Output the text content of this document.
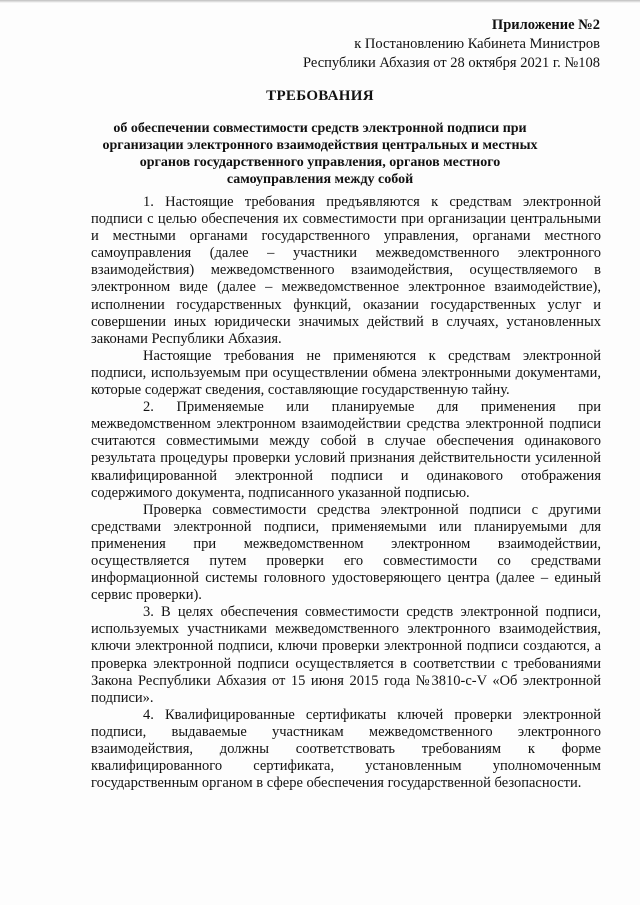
Приложение №2
к Постановлению Кабинета Министров
Республики Абхазия от 28 октября 2021 г. №108
ТРЕБОВАНИЯ
об обеспечении совместимости средств электронной подписи при организации электронного взаимодействия центральных и местных органов государственного управления, органов местного самоуправления между собой

1. Настоящие требования предъявляются к средствам электронной подписи с целью обеспечения их совместимости при организации центральными и местными органами государственного управления, органами местного самоуправления (далее – участники межведомственного электронного взаимодействия) межведомственного взаимодействия, осуществляемого в электронном виде (далее – межведомственное электронное взаимодействие), исполнении государственных функций, оказании государственных услуг и совершении иных юридически значимых действий в случаях, установленных законами Республики Абхазия.

Настоящие требования не применяются к средствам электронной подписи, используемым при осуществлении обмена электронными документами, которые содержат сведения, составляющие государственную тайну.

2. Применяемые или планируемые для применения при межведомственном электронном взаимодействии средства электронной подписи считаются совместимыми между собой в случае обеспечения одинакового результата процедуры проверки условий признания действительности усиленной квалифицированной электронной подписи и одинакового отображения содержимого документа, подписанного указанной подписью.

Проверка совместимости средства электронной подписи с другими средствами электронной подписи, применяемыми или планируемыми для применения при межведомственном электронном взаимодействии, осуществляется путем проверки его совместимости со средствами информационной системы головного удостоверяющего центра (далее – единый сервис проверки).

3. В целях обеспечения совместимости средств электронной подписи, используемых участниками межведомственного электронного взаимодействия, ключи электронной подписи, ключи проверки электронной подписи создаются, а проверка электронной подписи осуществляется в соответствии с требованиями Закона Республики Абхазия от 15 июня 2015 года №3810-с-V «Об электронной подписи».

4. Квалифицированные сертификаты ключей проверки электронной подписи, выдаваемые участникам межведомственного электронного взаимодействия, должны соответствовать требованиям к форме квалифицированного сертификата, установленным уполномоченным государственным органом в сфере обеспечения государственной безопасности.
